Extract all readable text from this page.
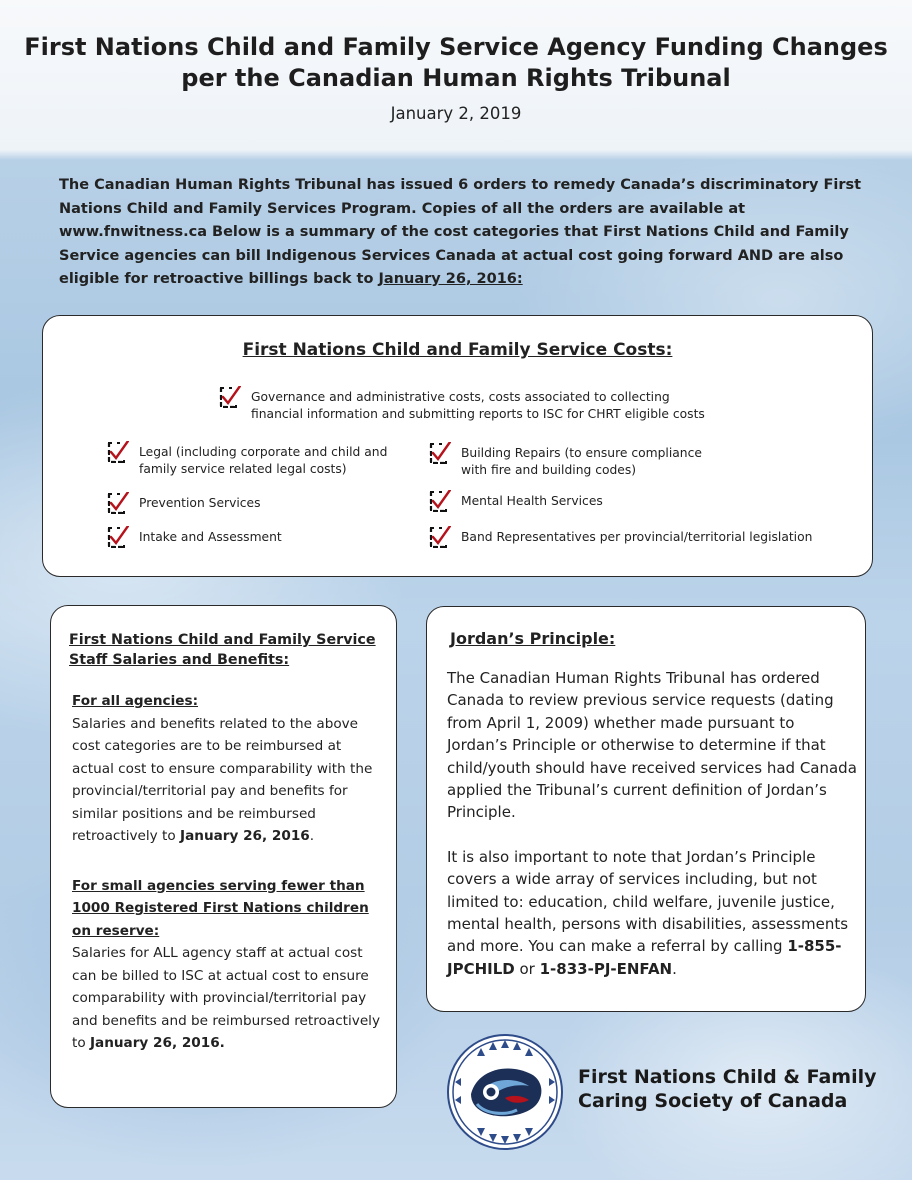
First Nations Child and Family Service Agency Funding Changes
per the Canadian Human Rights Tribunal
January 2, 2019

The Canadian Human Rights Tribunal has issued 6 orders to remedy Canada’s discriminatory First Nations Child and Family Services Program. Copies of all the orders are available at www.fnwitness.ca Below is a summary of the cost categories that First Nations Child and Family Service agencies can bill Indigenous Services Canada at actual cost going forward AND are also eligible for retroactive billings back to January 26, 2016:

First Nations Child and Family Service Costs:
Governance and administrative costs, costs associated to collecting
financial information and submitting reports to ISC for CHRT eligible costs
Legal (including corporate and child and
family service related legal costs)
Prevention Services
Intake and Assessment
Building Repairs (to ensure compliance
with fire and building codes)
Mental Health Services
Band Representatives per provincial/territorial legislation
First Nations Child and Family Service
Staff Salaries and Benefits:

For all agencies:

Salaries and benefits related to the above cost categories are to be reimbursed at actual cost to ensure comparability with the provincial/territorial pay and benefits for similar positions and be reimbursed retroactively to January 26, 2016.

For small agencies serving fewer than 1000 Registered First Nations children on reserve:

Salaries for ALL agency staff at actual cost can be billed to ISC at actual cost to ensure comparability with provincial/territorial pay and benefits and be reimbursed retroactively to January 26, 2016.

Jordan’s Principle:

The Canadian Human Rights Tribunal has ordered Canada to review previous service requests (dating from April 1, 2009) whether made pursuant to Jordan’s Principle or otherwise to determine if that child/youth should have received services had Canada applied the Tribunal’s current definition of Jordan’s Principle.

It is also important to note that Jordan’s Principle covers a wide array of services including, but not limited to: education, child welfare, juvenile justice, mental health, persons with disabilities, assessments and more. You can make a referral by calling 1-855-JPCHILD or 1-833-PJ-ENFAN.

First Nations Child & Family
Caring Society of Canada
